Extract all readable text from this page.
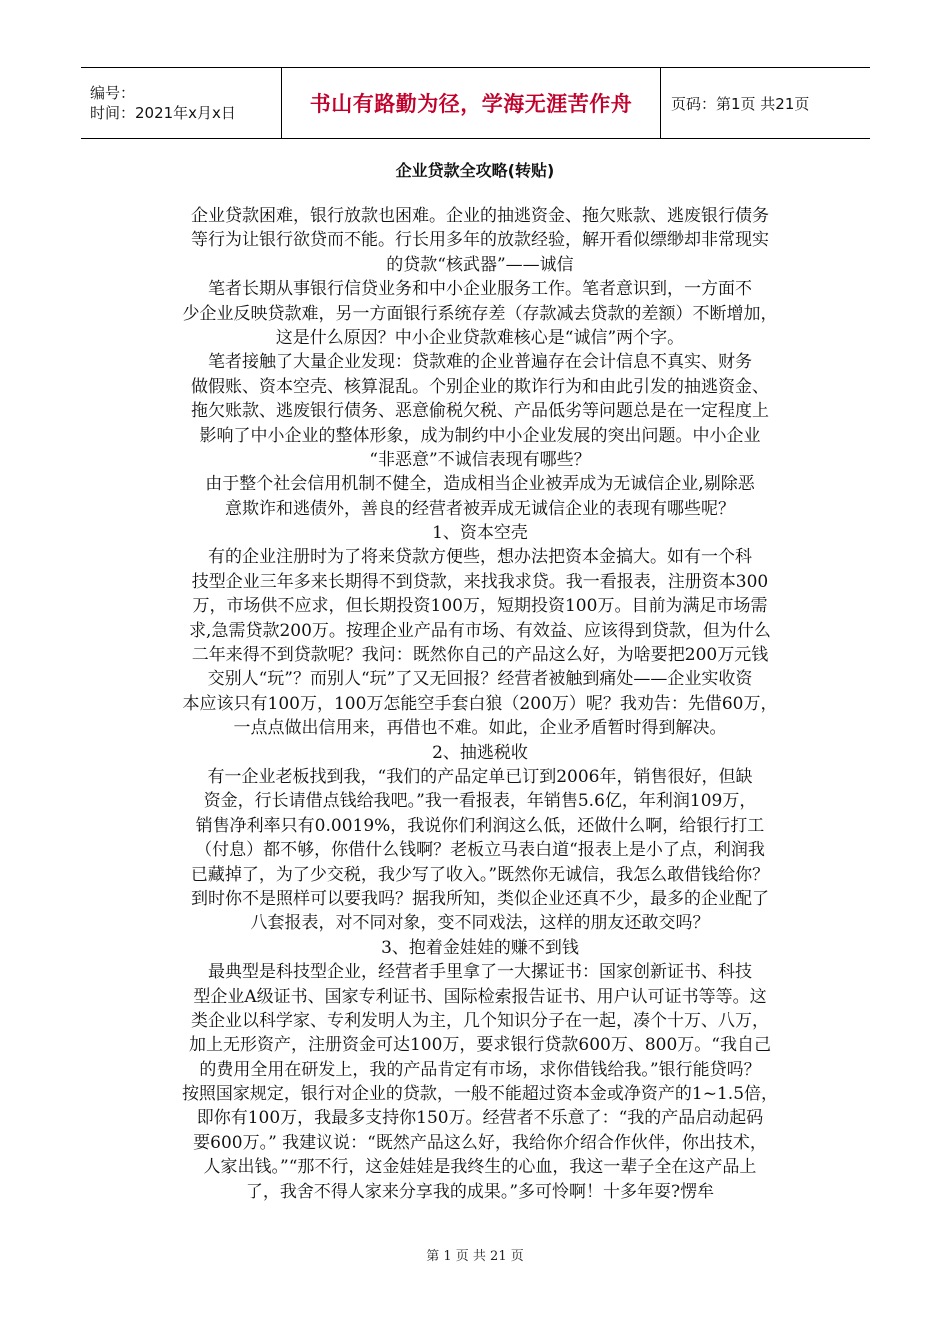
编号：
时间：2021年x月x日	书山有路勤为径，学海无涯苦作舟	页码：第1页 共21页
企业贷款全攻略(转贴)
企业贷款困难，银行放款也困难。企业的抽逃资金、拖欠账款、逃废银行债务
等行为让银行欲贷而不能。行长用多年的放款经验，解开看似缥缈却非常现实
的贷款“核武器”——诚信
笔者长期从事银行信贷业务和中小企业服务工作。笔者意识到，一方面不
少企业反映贷款难，另一方面银行系统存差（存款减去贷款的差额）不断增加，
这是什么原因？中小企业贷款难核心是“诚信”两个字。
笔者接触了大量企业发现：贷款难的企业普遍存在会计信息不真实、财务
做假账、资本空壳、核算混乱。个别企业的欺诈行为和由此引发的抽逃资金、
拖欠账款、逃废银行债务、恶意偷税欠税、产品低劣等问题总是在一定程度上
影响了中小企业的整体形象，成为制约中小企业发展的突出问题。中小企业
“非恶意”不诚信表现有哪些？
由于整个社会信用机制不健全，造成相当企业被弄成为无诚信企业,剔除恶
意欺诈和逃债外，善良的经营者被弄成无诚信企业的表现有哪些呢？
1、资本空壳
有的企业注册时为了将来贷款方便些，想办法把资本金搞大。如有一个科
技型企业三年多来长期得不到贷款，来找我求贷。我一看报表，注册资本300
万，市场供不应求，但长期投资100万，短期投资100万。目前为满足市场需
求,急需贷款200万。按理企业产品有市场、有效益、应该得到贷款，但为什么
二年来得不到贷款呢？我问：既然你自己的产品这么好，为啥要把200万元钱
交别人“玩”？而别人“玩”了又无回报？经营者被触到痛处——企业实收资
本应该只有100万，100万怎能空手套白狼（200万）呢？我劝告：先借60万，
一点点做出信用来，再借也不难。如此，企业矛盾暂时得到解决。
2、抽逃税收
有一企业老板找到我，“我们的产品定单已订到2006年，销售很好，但缺
资金，行长请借点钱给我吧。”我一看报表，年销售5.6亿，年利润109万，
销售净利率只有0.0019%，我说你们利润这么低，还做什么啊，给银行打工
（付息）都不够，你借什么钱啊？老板立马表白道“报表上是小了点，利润我
已藏掉了，为了少交税，我少写了收入。”既然你无诚信，我怎么敢借钱给你？
到时你不是照样可以要我吗？据我所知，类似企业还真不少，最多的企业配了
八套报表，对不同对象，变不同戏法，这样的朋友还敢交吗？
3、抱着金娃娃的赚不到钱
最典型是科技型企业，经营者手里拿了一大摞证书：国家创新证书、科技
型企业A级证书、国家专利证书、国际检索报告证书、用户认可证书等等。这
类企业以科学家、专利发明人为主，几个知识分子在一起，凑个十万、八万，
加上无形资产，注册资金可达100万，要求银行贷款600万、800万。“我自己
的费用全用在研发上，我的产品肯定有市场，求你借钱给我。”银行能贷吗？
按照国家规定，银行对企业的贷款，一般不能超过资本金或净资产的1~1.5倍，
即你有100万，我最多支持你150万。经营者不乐意了：“我的产品启动起码
要600万。” 我建议说：“既然产品这么好，我给你介绍合作伙伴，你出技术，
人家出钱。”“那不行，这金娃娃是我终生的心血，我这一辈子全在这产品上
了，我舍不得人家来分享我的成果。”多可怜啊！十多年耍?愣牟
第 1 页 共 21 页
